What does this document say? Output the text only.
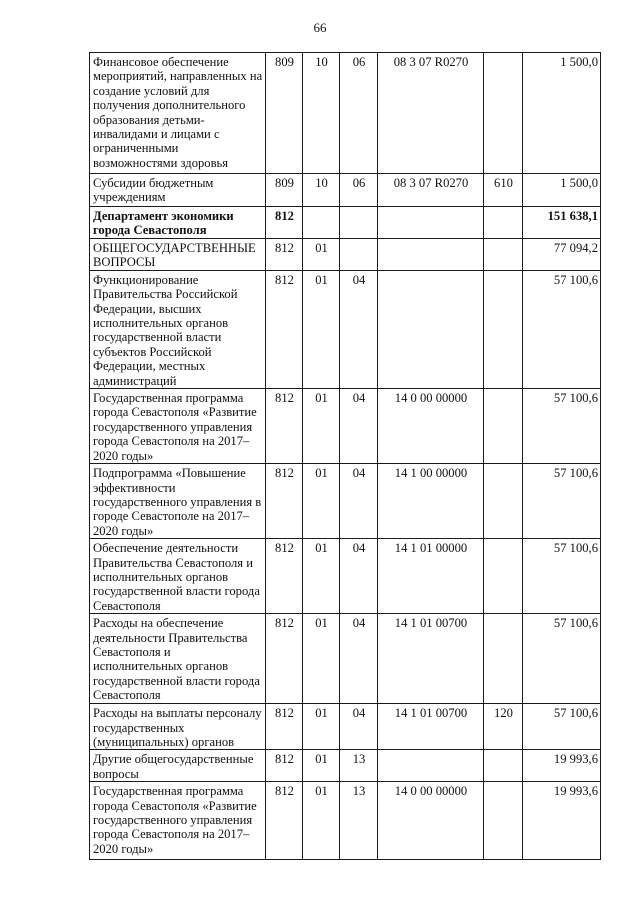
66
Финансовое обеспечение мероприятий, направленных на создание условий для получения дополнительного образования детьми-инвалидами и лицами с ограниченными возможностями здоровья	809	10	06	08 3 07 R0270		1 500,0
Субсидии бюджетным учреждениям	809	10	06	08 3 07 R0270	610	1 500,0
Департамент экономики города Севастополя	812					151 638,1
ОБЩЕГОСУДАРСТВЕННЫЕ ВОПРОСЫ	812	01				77 094,2
Функционирование Правительства Российской Федерации, высших исполнительных органов государственной власти субъектов Российской Федерации, местных администраций	812	01	04			57 100,6
Государственная программа города Севастополя «Развитие государственного управления города Севастополя на 2017–2020 годы»	812	01	04	14 0 00 00000		57 100,6
Подпрограмма «Повышение эффективности государственного управления в городе Севастополе на 2017–2020 годы»	812	01	04	14 1 00 00000		57 100,6
Обеспечение деятельности Правительства Севастополя и исполнительных органов государственной власти города Севастополя	812	01	04	14 1 01 00000		57 100,6
Расходы на обеспечение деятельности Правительства Севастополя и исполнительных органов государственной власти города Севастополя	812	01	04	14 1 01 00700		57 100,6
Расходы на выплаты персоналу государственных (муниципальных) органов	812	01	04	14 1 01 00700	120	57 100,6
Другие общегосударственные вопросы	812	01	13			19 993,6
Государственная программа города Севастополя «Развитие государственного управления города Севастополя на 2017–2020 годы»	812	01	13	14 0 00 00000		19 993,6
